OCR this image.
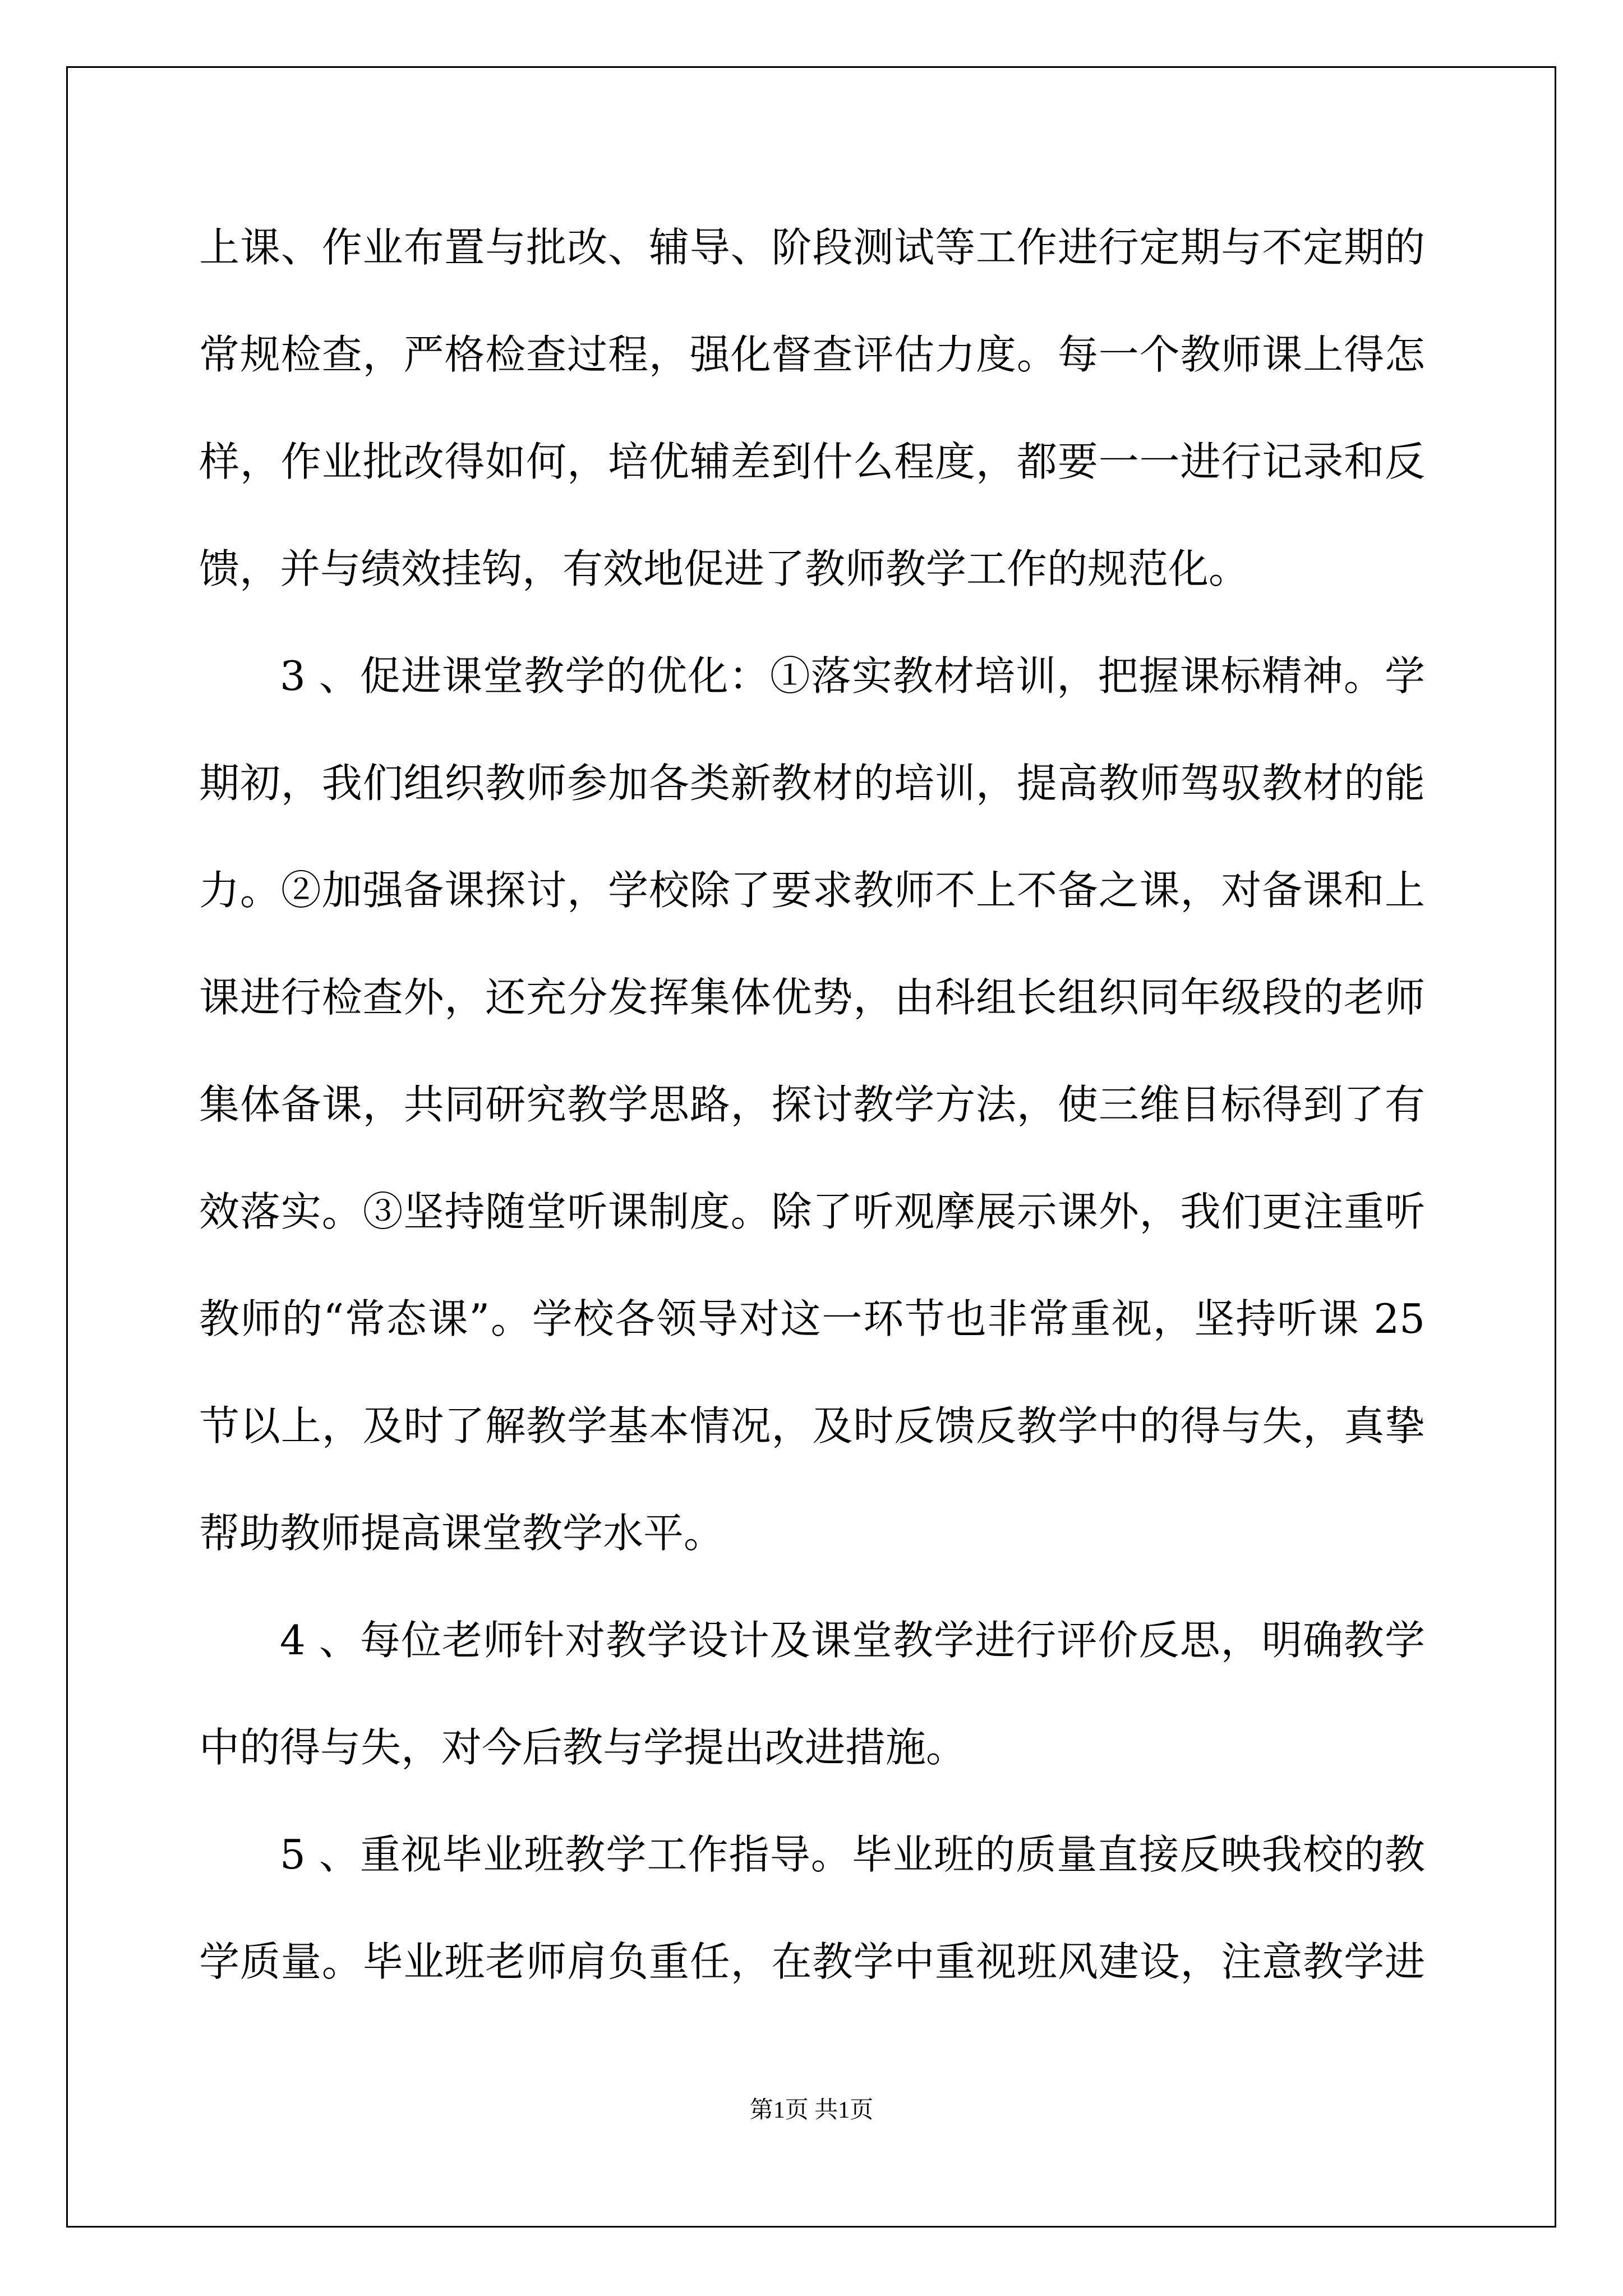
上课、作业布置与批改、辅导、阶段测试等工作进行定期与不定期的
常规检查，严格检查过程，强化督查评估力度。每一个教师课上得怎
样，作业批改得如何，培优辅差到什么程度，都要一一进行记录和反
馈，并与绩效挂钩，有效地促进了教师教学工作的规范化。
3 、促进课堂教学的优化：①落实教材培训，把握课标精神。学
期初，我们组织教师参加各类新教材的培训，提高教师驾驭教材的能
力。②加强备课探讨，学校除了要求教师不上不备之课，对备课和上
课进行检查外，还充分发挥集体优势，由科组长组织同年级段的老师
集体备课，共同研究教学思路，探讨教学方法，使三维目标得到了有
效落实。③坚持随堂听课制度。除了听观摩展示课外，我们更注重听
教师的“常态课”。学校各领导对这一环节也非常重视，坚持听课 25
节以上，及时了解教学基本情况，及时反馈反教学中的得与失，真挚
帮助教师提高课堂教学水平。
4 、每位老师针对教学设计及课堂教学进行评价反思，明确教学
中的得与失，对今后教与学提出改进措施。
5 、重视毕业班教学工作指导。毕业班的质量直接反映我校的教
学质量。毕业班老师肩负重任，在教学中重视班风建设，注意教学进
第1页 共1页
